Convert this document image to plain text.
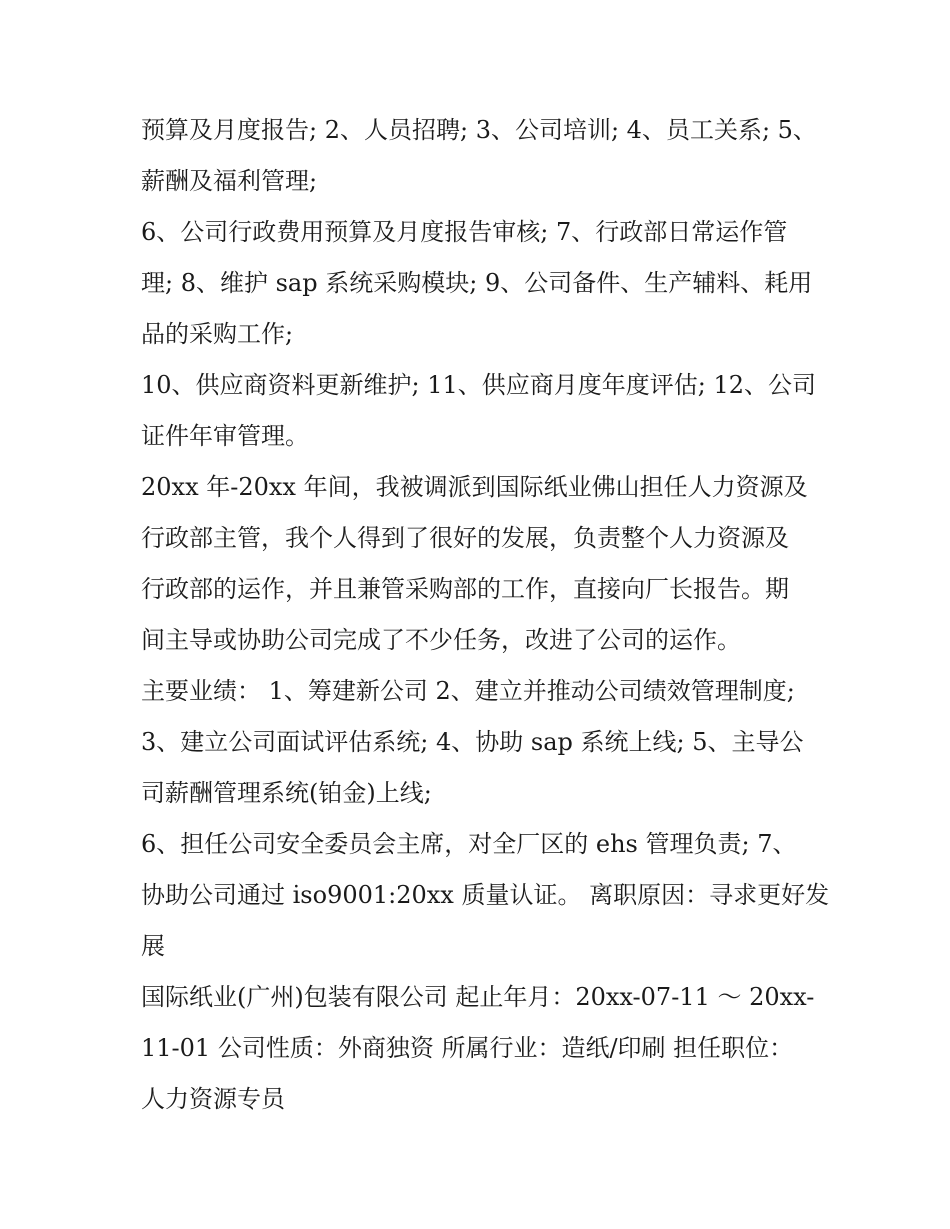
预算及月度报告; 2、人员招聘; 3、公司培训; 4、员工关系; 5、
薪酬及福利管理;
6、公司行政费用预算及月度报告审核; 7、行政部日常运作管
理; 8、维护 sap 系统采购模块; 9、公司备件、生产辅料、耗用
品的采购工作;
10、供应商资料更新维护; 11、供应商月度年度评估; 12、公司
证件年审管理。
20xx 年-20xx 年间，我被调派到国际纸业佛山担任人力资源及
行政部主管，我个人得到了很好的发展，负责整个人力资源及
行政部的运作，并且兼管采购部的工作，直接向厂长报告。期
间主导或协助公司完成了不少任务，改进了公司的运作。
主要业绩： 1、筹建新公司 2、建立并推动公司绩效管理制度;
3、建立公司面试评估系统; 4、协助 sap 系统上线; 5、主导公
司薪酬管理系统(铂金)上线;
6、担任公司安全委员会主席，对全厂区的 ehs 管理负责; 7、
协助公司通过 iso9001:20xx 质量认证。 离职原因：寻求更好发
展
国际纸业(广州)包装有限公司 起止年月：20xx-07-11 ～ 20xx-
11-01 公司性质：外商独资 所属行业：造纸/印刷 担任职位：
人力资源专员
